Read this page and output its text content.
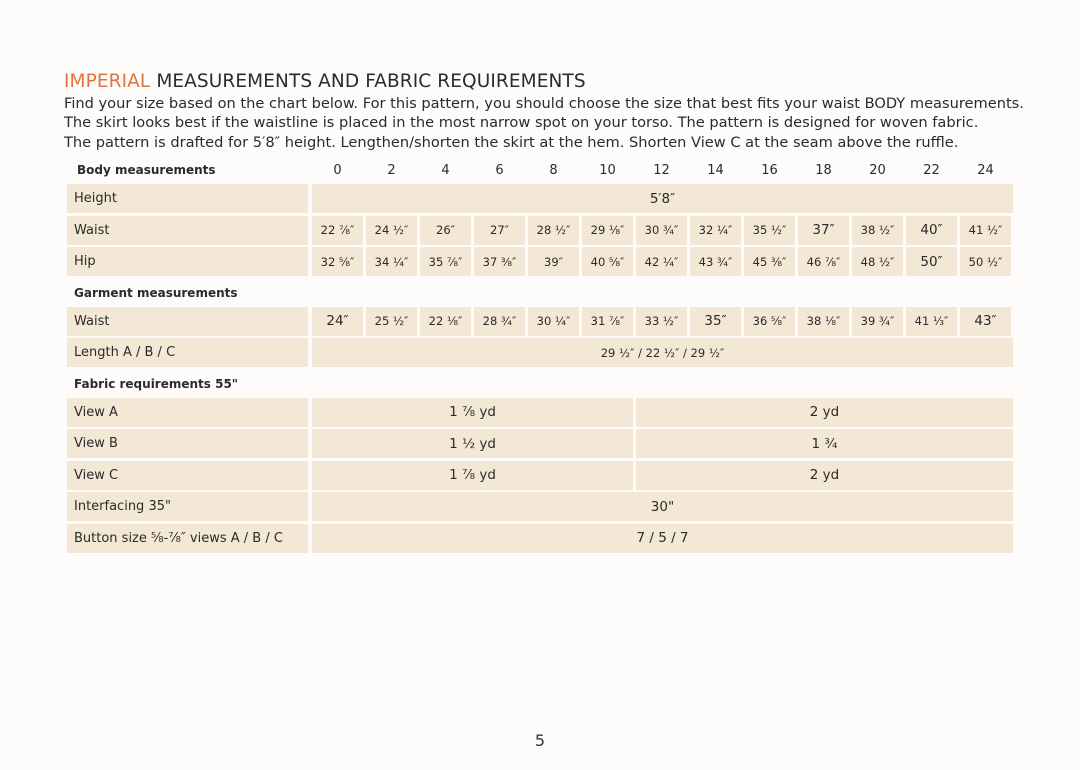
IMPERIAL MEASUREMENTS AND FABRIC REQUIREMENTS
Find your size based on the chart below. For this pattern, you should choose the size that best fits your waist BODY measurements.
The skirt looks best if the waistline is placed in the most narrow spot on your torso. The pattern is designed for woven fabric.
The pattern is drafted for 5′8″ height. Lengthen/shorten the skirt at the hem. Shorten View C at the seam above the ruffle.
Body measurements	0	2	4	6	8	10	12	14	16	18	20	22	24
Height	5′8″
Waist	22 ⅞″	24 ½″	26″	27″	28 ½″	29 ⅛″	30 ¾″	32 ¼″	35 ½″	37″	38 ½″	40″	41 ½″
Hip	32 ⅝″	34 ¼″	35 ⅞″	37 ⅜″	39″	40 ⅝″	42 ¼″	43 ¾″	45 ⅜″	46 ⅞″	48 ½″	50″	50 ½″
Garment measurements
Waist	24″	25 ½″	22 ⅛″	28 ¾″	30 ¼″	31 ⅞″	33 ½″	35″	36 ⅝″	38 ⅛″	39 ¾″	41 ⅓″	43″
Length A / B / C	29 ½″ / 22 ½″ / 29 ½″
Fabric requirements 55"
View A	1 ⅞ yd	2 yd
View B	1 ½ yd	1 ¾
View C	1 ⅞ yd	2 yd
Interfacing 35"	30"
Button size ⅝-⅞″ views A / B / C	7 / 5 / 7
5
